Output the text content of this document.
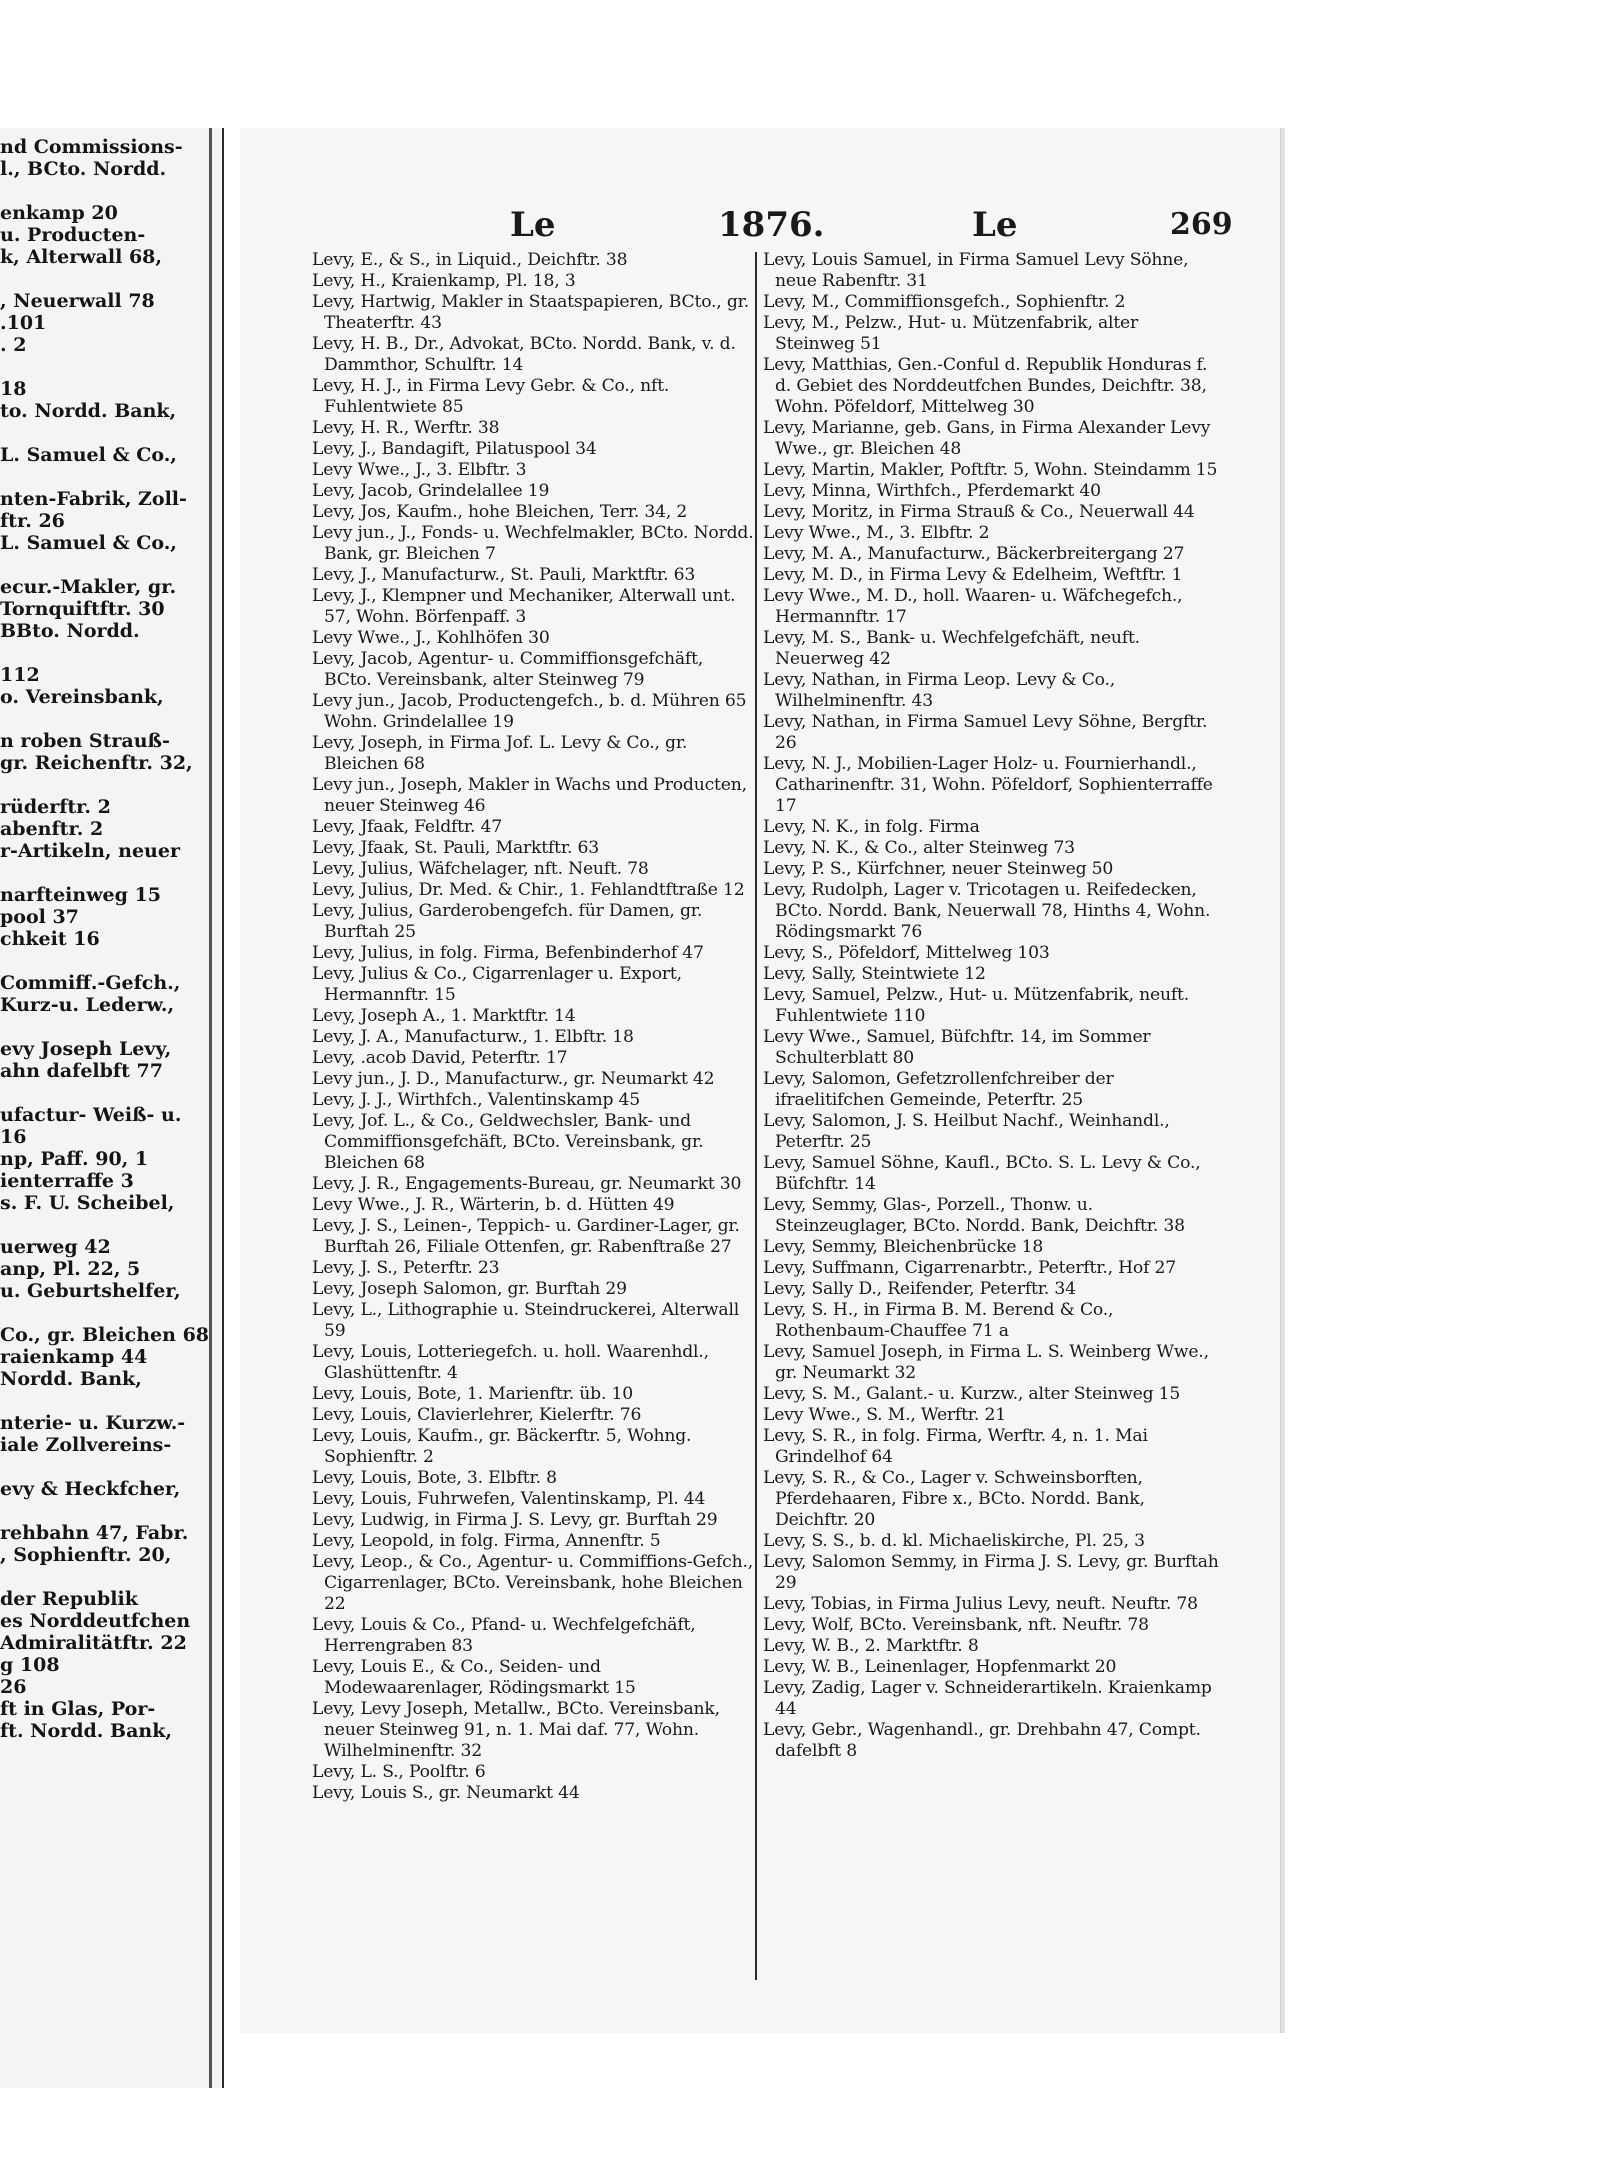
nd Commissions-
l., BCto. Nordd.
enkamp 20
u. Producten-
k, Alterwall 68,
, Neuerwall 78
.101
. 2
18
to. Nordd. Bank,
L. Samuel & Co.,
nten-Fabrik, Zoll-
ftr. 26
L. Samuel & Co.,
ecur.-Makler, gr.
Tornquiftftr. 30
BBto. Nordd.
112
o. Vereinsbank,
n roben Strauß-
gr. Reichenftr. 32,
rüderftr. 2
abenftr. 2
r-Artikeln, neuer
narfteinweg 15
pool 37
chkeit 16
Commiff.-Gefch.,
Kurz-u. Lederw.,
evy Joseph Levy,
ahn dafelbft 77
ufactur- Weiß- u.
16
np, Paff. 90, 1
ienterraffe 3
s. F. U. Scheibel,
uerweg 42
anp, Pl. 22, 5
u. Geburtshelfer,
Co., gr. Bleichen 68
raienkamp 44
Nordd. Bank,
nterie- u. Kurzw.-
iale Zollvereins-
evy & Heckfcher,
rehbahn 47, Fabr.
, Sophienftr. 20,
der Republik
es Norddeutfchen
Admiralitätftr. 22
g 108
26
ft in Glas, Por-
ft. Nordd. Bank,
Le	1876.	Le	269
Levy, E., & S., in Liquid., Deichftr. 38
Levy, H., Kraienkamp, Pl. 18, 3
Levy, Hartwig, Makler in Staatspapieren, BCto., gr. Theaterftr. 43
Levy, H. B., Dr., Advokat, BCto. Nordd. Bank, v. d. Dammthor, Schulftr. 14
Levy, H. J., in Firma Levy Gebr. & Co., nft. Fuhlentwiete 85
Levy, H. R., Werftr. 38
Levy, J., Bandagift, Pilatuspool 34
Levy Wwe., J., 3. Elbftr. 3
Levy, Jacob, Grindelallee 19
Levy, Jos, Kaufm., hohe Bleichen, Terr. 34, 2
Levy jun., J., Fonds- u. Wechfelmakler, BCto. Nordd. Bank, gr. Bleichen 7
Levy, J., Manufacturw., St. Pauli, Marktftr. 63
Levy, J., Klempner und Mechaniker, Alterwall unt. 57, Wohn. Börfenpaff. 3
Levy Wwe., J., Kohlhöfen 30
Levy, Jacob, Agentur- u. Commiffionsgefchäft, BCto. Vereinsbank, alter Steinweg 79
Levy jun., Jacob, Productengefch., b. d. Mühren 65 Wohn. Grindelallee 19
Levy, Joseph, in Firma Jof. L. Levy & Co., gr. Bleichen 68
Levy jun., Joseph, Makler in Wachs und Producten, neuer Steinweg 46
Levy, Jfaak, Feldftr. 47
Levy, Jfaak, St. Pauli, Marktftr. 63
Levy, Julius, Wäfchelager, nft. Neuft. 78
Levy, Julius, Dr. Med. & Chir., 1. Fehlandtftraße 12
Levy, Julius, Garderobengefch. für Damen, gr. Burftah 25
Levy, Julius, in folg. Firma, Befenbinderhof 47
Levy, Julius & Co., Cigarrenlager u. Export, Hermannftr. 15
Levy, Joseph A., 1. Marktftr. 14
Levy, J. A., Manufacturw., 1. Elbftr. 18
Levy, .acob David, Peterftr. 17
Levy jun., J. D., Manufacturw., gr. Neumarkt 42
Levy, J. J., Wirthfch., Valentinskamp 45
Levy, Jof. L., & Co., Geldwechsler, Bank- und Commiffionsgefchäft, BCto. Vereinsbank, gr. Bleichen 68
Levy, J. R., Engagements-Bureau, gr. Neumarkt 30
Levy Wwe., J. R., Wärterin, b. d. Hütten 49
Levy, J. S., Leinen-, Teppich- u. Gardiner-Lager, gr. Burftah 26, Filiale Ottenfen, gr. Rabenftraße 27
Levy, J. S., Peterftr. 23
Levy, Joseph Salomon, gr. Burftah 29
Levy, L., Lithographie u. Steindruckerei, Alterwall 59
Levy, Louis, Lotteriegefch. u. holl. Waarenhdl., Glashüttenftr. 4
Levy, Louis, Bote, 1. Marienftr. üb. 10
Levy, Louis, Clavierlehrer, Kielerftr. 76
Levy, Louis, Kaufm., gr. Bäckerftr. 5, Wohng. Sophienftr. 2
Levy, Louis, Bote, 3. Elbftr. 8
Levy, Louis, Fuhrwefen, Valentinskamp, Pl. 44
Levy, Ludwig, in Firma J. S. Levy, gr. Burftah 29
Levy, Leopold, in folg. Firma, Annenftr. 5
Levy, Leop., & Co., Agentur- u. Commiffions-Gefch., Cigarrenlager, BCto. Vereinsbank, hohe Bleichen 22
Levy, Louis & Co., Pfand- u. Wechfelgefchäft, Herrengraben 83
Levy, Louis E., & Co., Seiden- und Modewaarenlager, Rödingsmarkt 15
Levy, Levy Joseph, Metallw., BCto. Vereinsbank, neuer Steinweg 91, n. 1. Mai daf. 77, Wohn. Wilhelminenftr. 32
Levy, L. S., Poolftr. 6
Levy, Louis S., gr. Neumarkt 44
Levy, Louis Samuel, in Firma Samuel Levy Söhne, neue Rabenftr. 31
Levy, M., Commiffionsgefch., Sophienftr. 2
Levy, M., Pelzw., Hut- u. Mützenfabrik, alter Steinweg 51
Levy, Matthias, Gen.-Conful d. Republik Honduras f. d. Gebiet des Norddeutfchen Bundes, Deichftr. 38, Wohn. Pöfeldorf, Mittelweg 30
Levy, Marianne, geb. Gans, in Firma Alexander Levy Wwe., gr. Bleichen 48
Levy, Martin, Makler, Poftftr. 5, Wohn. Steindamm 15
Levy, Minna, Wirthfch., Pferdemarkt 40
Levy, Moritz, in Firma Strauß & Co., Neuerwall 44
Levy Wwe., M., 3. Elbftr. 2
Levy, M. A., Manufacturw., Bäckerbreitergang 27
Levy, M. D., in Firma Levy & Edelheim, Weftftr. 1
Levy Wwe., M. D., holl. Waaren- u. Wäfchegefch., Hermannftr. 17
Levy, M. S., Bank- u. Wechfelgefchäft, neuft. Neuerweg 42
Levy, Nathan, in Firma Leop. Levy & Co., Wilhelminenftr. 43
Levy, Nathan, in Firma Samuel Levy Söhne, Bergftr. 26
Levy, N. J., Mobilien-Lager Holz- u. Fournierhandl., Catharinenftr. 31, Wohn. Pöfeldorf, Sophienterraffe 17
Levy, N. K., in folg. Firma
Levy, N. K., & Co., alter Steinweg 73
Levy, P. S., Kürfchner, neuer Steinweg 50
Levy, Rudolph, Lager v. Tricotagen u. Reifedecken, BCto. Nordd. Bank, Neuerwall 78, Hinths 4, Wohn. Rödingsmarkt 76
Levy, S., Pöfeldorf, Mittelweg 103
Levy, Sally, Steintwiete 12
Levy, Samuel, Pelzw., Hut- u. Mützenfabrik, neuft. Fuhlentwiete 110
Levy Wwe., Samuel, Büfchftr. 14, im Sommer Schulterblatt 80
Levy, Salomon, Gefetzrollenfchreiber der ifraelitifchen Gemeinde, Peterftr. 25
Levy, Salomon, J. S. Heilbut Nachf., Weinhandl., Peterftr. 25
Levy, Samuel Söhne, Kaufl., BCto. S. L. Levy & Co., Büfchftr. 14
Levy, Semmy, Glas-, Porzell., Thonw. u. Steinzeuglager, BCto. Nordd. Bank, Deichftr. 38
Levy, Semmy, Bleichenbrücke 18
Levy, Suffmann, Cigarrenarbtr., Peterftr., Hof 27
Levy, Sally D., Reifender, Peterftr. 34
Levy, S. H., in Firma B. M. Berend & Co., Rothenbaum-Chauffee 71 a
Levy, Samuel Joseph, in Firma L. S. Weinberg Wwe., gr. Neumarkt 32
Levy, S. M., Galant.- u. Kurzw., alter Steinweg 15
Levy Wwe., S. M., Werftr. 21
Levy, S. R., in folg. Firma, Werftr. 4, n. 1. Mai Grindelhof 64
Levy, S. R., & Co., Lager v. Schweinsborften, Pferdehaaren, Fibre x., BCto. Nordd. Bank, Deichftr. 20
Levy, S. S., b. d. kl. Michaeliskirche, Pl. 25, 3
Levy, Salomon Semmy, in Firma J. S. Levy, gr. Burftah 29
Levy, Tobias, in Firma Julius Levy, neuft. Neuftr. 78
Levy, Wolf, BCto. Vereinsbank, nft. Neuftr. 78
Levy, W. B., 2. Marktftr. 8
Levy, W. B., Leinenlager, Hopfenmarkt 20
Levy, Zadig, Lager v. Schneiderartikeln. Kraienkamp 44
Levy, Gebr., Wagenhandl., gr. Drehbahn 47, Compt. dafelbft 8
